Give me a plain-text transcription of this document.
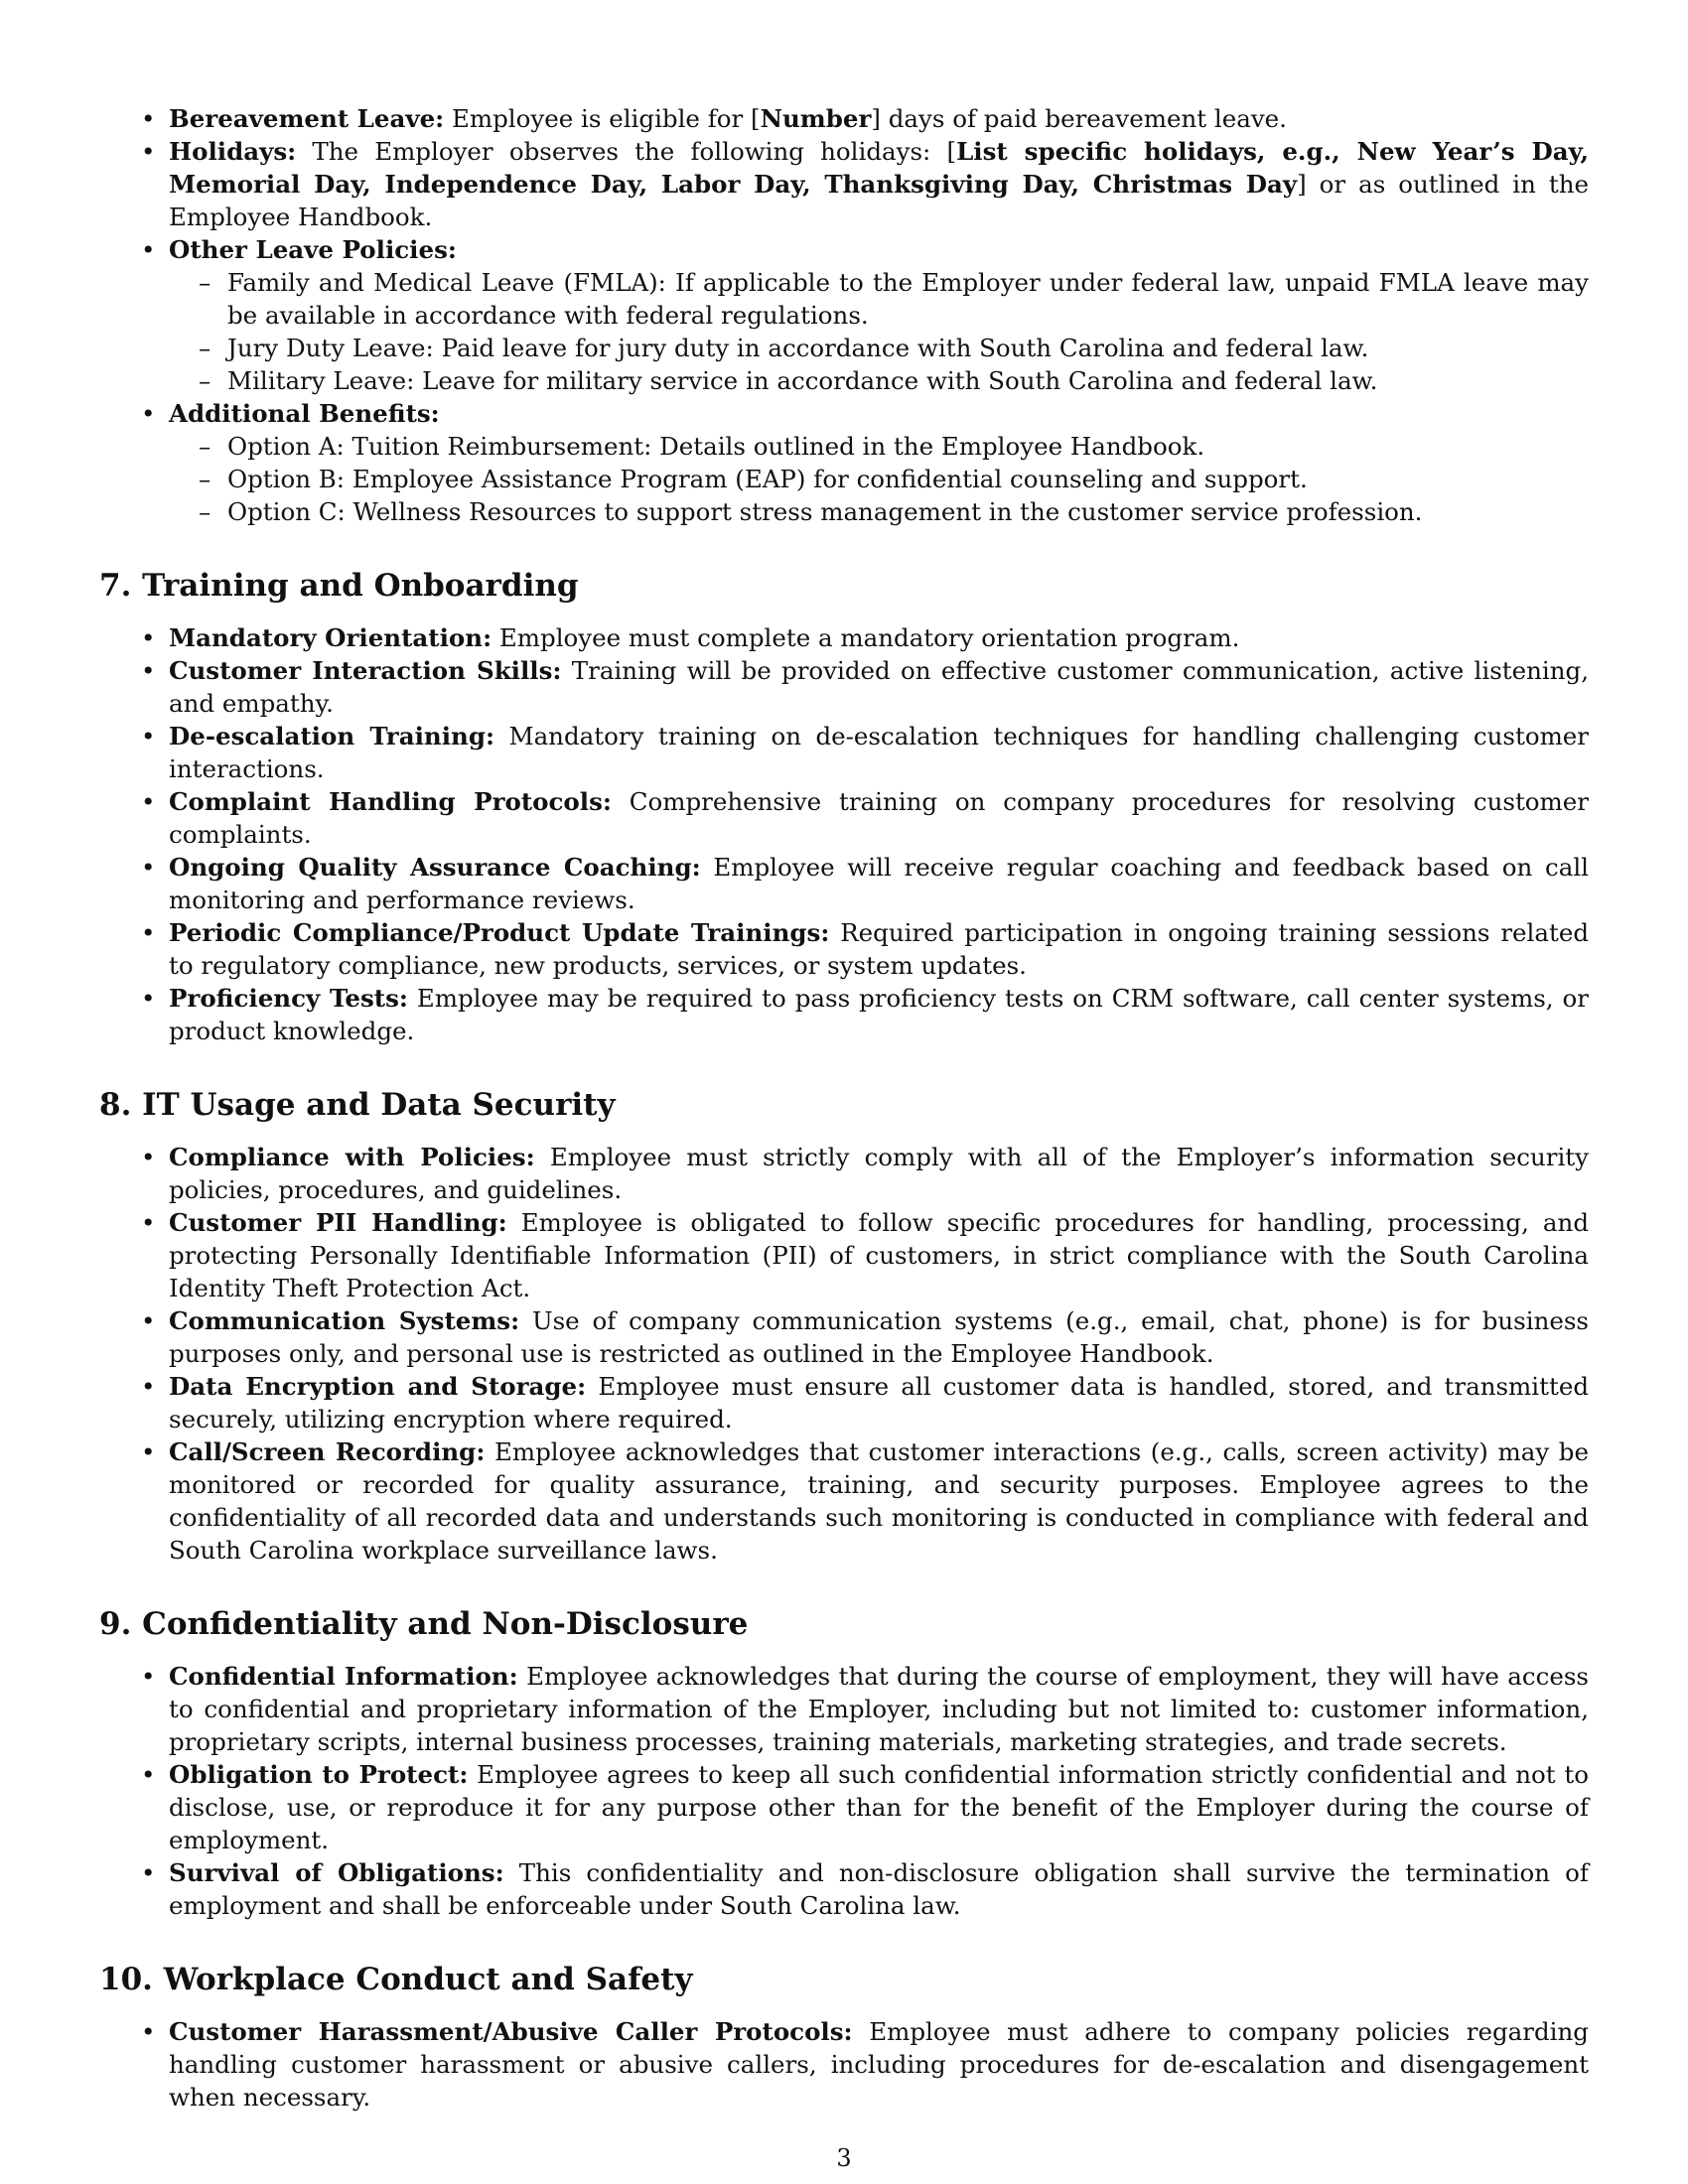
• Bereavement Leave: Employee is eligible for [Number] days of paid bereavement leave.
• Holidays: The Employer observes the following holidays: [List specific holidays, e.g., New Year’s Day, Memorial Day, Independence Day, Labor Day, Thanksgiving Day, Christmas Day] or as outlined in the Employee Handbook.
• Other Leave Policies:
– Family and Medical Leave (FMLA): If applicable to the Employer under federal law, unpaid FMLA leave may be available in accordance with federal regulations.
– Jury Duty Leave: Paid leave for jury duty in accordance with South Carolina and federal law.
– Military Leave: Leave for military service in accordance with South Carolina and federal law.
• Additional Benefits:
– Option A: Tuition Reimbursement: Details outlined in the Employee Handbook.
– Option B: Employee Assistance Program (EAP) for confidential counseling and support.
– Option C: Wellness Resources to support stress management in the customer service profession.
7. Training and Onboarding
• Mandatory Orientation: Employee must complete a mandatory orientation program.
• Customer Interaction Skills: Training will be provided on effective customer communication, active listening, and empathy.
• De-escalation Training: Mandatory training on de-escalation techniques for handling challenging customer interactions.
• Complaint Handling Protocols: Comprehensive training on company procedures for resolving customer complaints.
• Ongoing Quality Assurance Coaching: Employee will receive regular coaching and feedback based on call monitoring and performance reviews.
• Periodic Compliance/Product Update Trainings: Required participation in ongoing training sessions related to regulatory compliance, new products, services, or system updates.
• Proficiency Tests: Employee may be required to pass proficiency tests on CRM software, call center systems, or product knowledge.
8. IT Usage and Data Security
• Compliance with Policies: Employee must strictly comply with all of the Employer’s information security policies, procedures, and guidelines.
• Customer PII Handling: Employee is obligated to follow specific procedures for handling, processing, and protecting Personally Identifiable Information (PII) of customers, in strict compliance with the South Carolina Identity Theft Protection Act.
• Communication Systems: Use of company communication systems (e.g., email, chat, phone) is for business purposes only, and personal use is restricted as outlined in the Employee Handbook.
• Data Encryption and Storage: Employee must ensure all customer data is handled, stored, and transmitted securely, utilizing encryption where required.
• Call/Screen Recording: Employee acknowledges that customer interactions (e.g., calls, screen activity) may be monitored or recorded for quality assurance, training, and security purposes. Employee agrees to the confidentiality of all recorded data and understands such monitoring is conducted in compliance with federal and South Carolina workplace surveillance laws.
9. Confidentiality and Non-Disclosure
• Confidential Information: Employee acknowledges that during the course of employment, they will have access to confidential and proprietary information of the Employer, including but not limited to: customer information, proprietary scripts, internal business processes, training materials, marketing strategies, and trade secrets.
• Obligation to Protect: Employee agrees to keep all such confidential information strictly confidential and not to disclose, use, or reproduce it for any purpose other than for the benefit of the Employer during the course of employment.
• Survival of Obligations: This confidentiality and non-disclosure obligation shall survive the termination of employment and shall be enforceable under South Carolina law.
10. Workplace Conduct and Safety
• Customer Harassment/Abusive Caller Protocols: Employee must adhere to company policies regarding handling customer harassment or abusive callers, including procedures for de-escalation and disengagement when necessary.
3
